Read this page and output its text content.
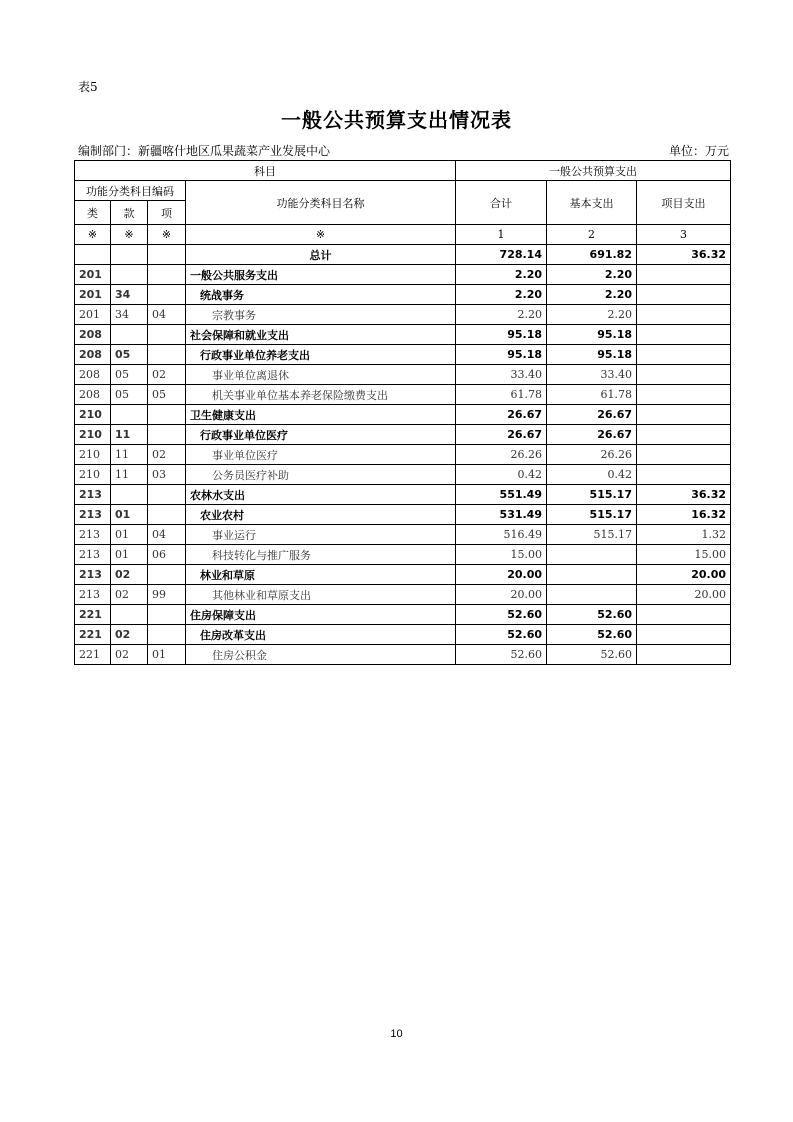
表5
一般公共预算支出情况表
编制部门：新疆喀什地区瓜果蔬菜产业发展中心	单位：万元
科目				一般公共预算支出		
功能分类科目编码			功能分类科目名称	合计	基本支出	项目支出
类	款	项				
※	※	※	※	1	2	3
			总计	728.14	691.82	36.32
201			一般公共服务支出	2.20	2.20	
201	34		统战事务	2.20	2.20	
201	34	04	宗教事务	2.20	2.20	
208			社会保障和就业支出	95.18	95.18	
208	05		行政事业单位养老支出	95.18	95.18	
208	05	02	事业单位离退休	33.40	33.40	
208	05	05	机关事业单位基本养老保险缴费支出	61.78	61.78	
210			卫生健康支出	26.67	26.67	
210	11		行政事业单位医疗	26.67	26.67	
210	11	02	事业单位医疗	26.26	26.26	
210	11	03	公务员医疗补助	0.42	0.42	
213			农林水支出	551.49	515.17	36.32
213	01		农业农村	531.49	515.17	16.32
213	01	04	事业运行	516.49	515.17	1.32
213	01	06	科技转化与推广服务	15.00		15.00
213	02		林业和草原	20.00		20.00
213	02	99	其他林业和草原支出	20.00		20.00
221			住房保障支出	52.60	52.60	
221	02		住房改革支出	52.60	52.60	
221	02	01	住房公积金	52.60	52.60	
10
